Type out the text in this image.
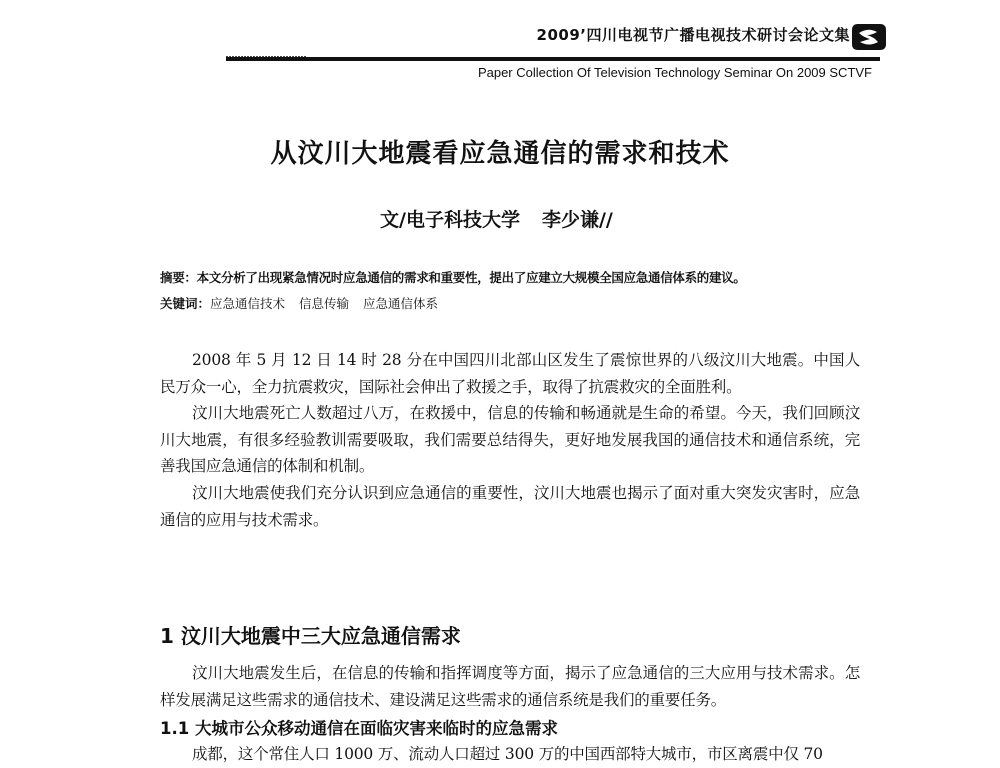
2009’四川电视节广播电视技术研讨会论文集
Paper Collection Of Television Technology Seminar On 2009 SCTVF
从汶川大地震看应急通信的需求和技术
文/电子科技大学 李少谦//
摘要：本文分析了出现紧急情况时应急通信的需求和重要性，提出了应建立大规模全国应急通信体系的建议。
关键词：应急通信技术 信息传输 应急通信体系

2008 年 5 月 12 日 14 时 28 分在中国四川北部山区发生了震惊世界的八级汶川大地震。中国人民万众一心，全力抗震救灾，国际社会伸出了救援之手，取得了抗震救灾的全面胜利。

汶川大地震死亡人数超过八万，在救援中，信息的传输和畅通就是生命的希望。今天，我们回顾汶川大地震，有很多经验教训需要吸取，我们需要总结得失，更好地发展我国的通信技术和通信系统，完善我国应急通信的体制和机制。

汶川大地震使我们充分认识到应急通信的重要性，汶川大地震也揭示了面对重大突发灾害时，应急通信的应用与技术需求。

1 汶川大地震中三大应急通信需求

汶川大地震发生后，在信息的传输和指挥调度等方面，揭示了应急通信的三大应用与技术需求。怎样发展满足这些需求的通信技术、建设满足这些需求的通信系统是我们的重要任务。

1.1 大城市公众移动通信在面临灾害来临时的应急需求

成都，这个常住人口 1000 万、流动人口超过 300 万的中国西部特大城市，市区离震中仅 70
